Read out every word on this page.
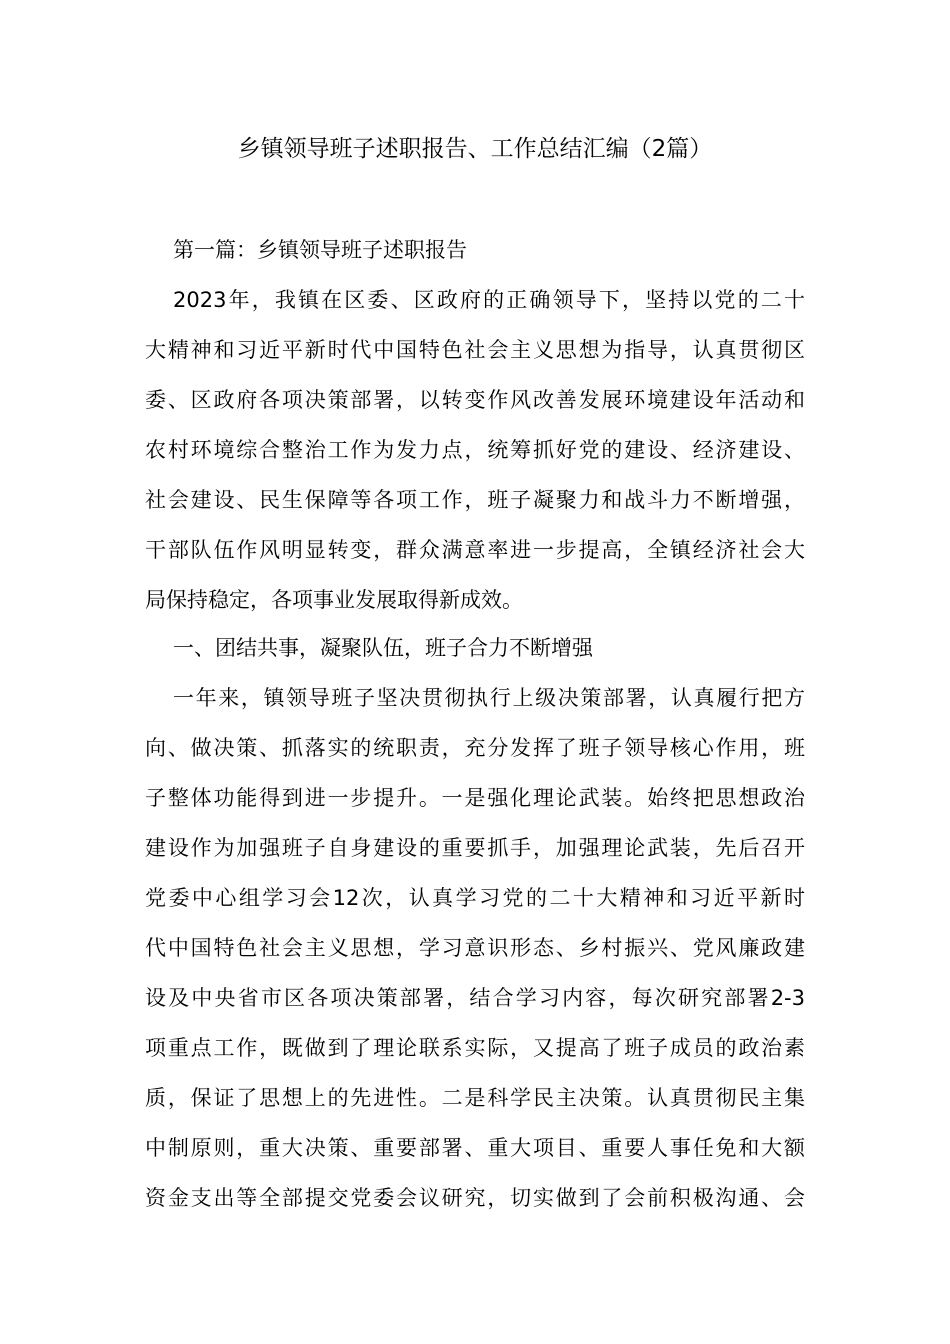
乡镇领导班子述职报告、工作总结汇编（2篇）

第一篇：乡镇领导班子述职报告

2023年，我镇在区委、区政府的正确领导下，坚持以党的二十

大精神和习近平新时代中国特色社会主义思想为指导，认真贯彻区

委、区政府各项决策部署，以转变作风改善发展环境建设年活动和

农村环境综合整治工作为发力点，统筹抓好党的建设、经济建设、

社会建设、民生保障等各项工作，班子凝聚力和战斗力不断增强，

干部队伍作风明显转变，群众满意率进一步提高，全镇经济社会大

局保持稳定，各项事业发展取得新成效。

一、团结共事，凝聚队伍，班子合力不断增强

一年来，镇领导班子坚决贯彻执行上级决策部署，认真履行把方

向、做决策、抓落实的统职责，充分发挥了班子领导核心作用，班

子整体功能得到进一步提升。一是强化理论武装。始终把思想政治

建设作为加强班子自身建设的重要抓手，加强理论武装，先后召开

党委中心组学习会12次，认真学习党的二十大精神和习近平新时

代中国特色社会主义思想，学习意识形态、乡村振兴、党风廉政建

设及中央省市区各项决策部署，结合学习内容，每次研究部署2-3

项重点工作，既做到了理论联系实际，又提高了班子成员的政治素

质，保证了思想上的先进性。二是科学民主决策。认真贯彻民主集

中制原则，重大决策、重要部署、重大项目、重要人事任免和大额

资金支出等全部提交党委会议研究，切实做到了会前积极沟通、会
